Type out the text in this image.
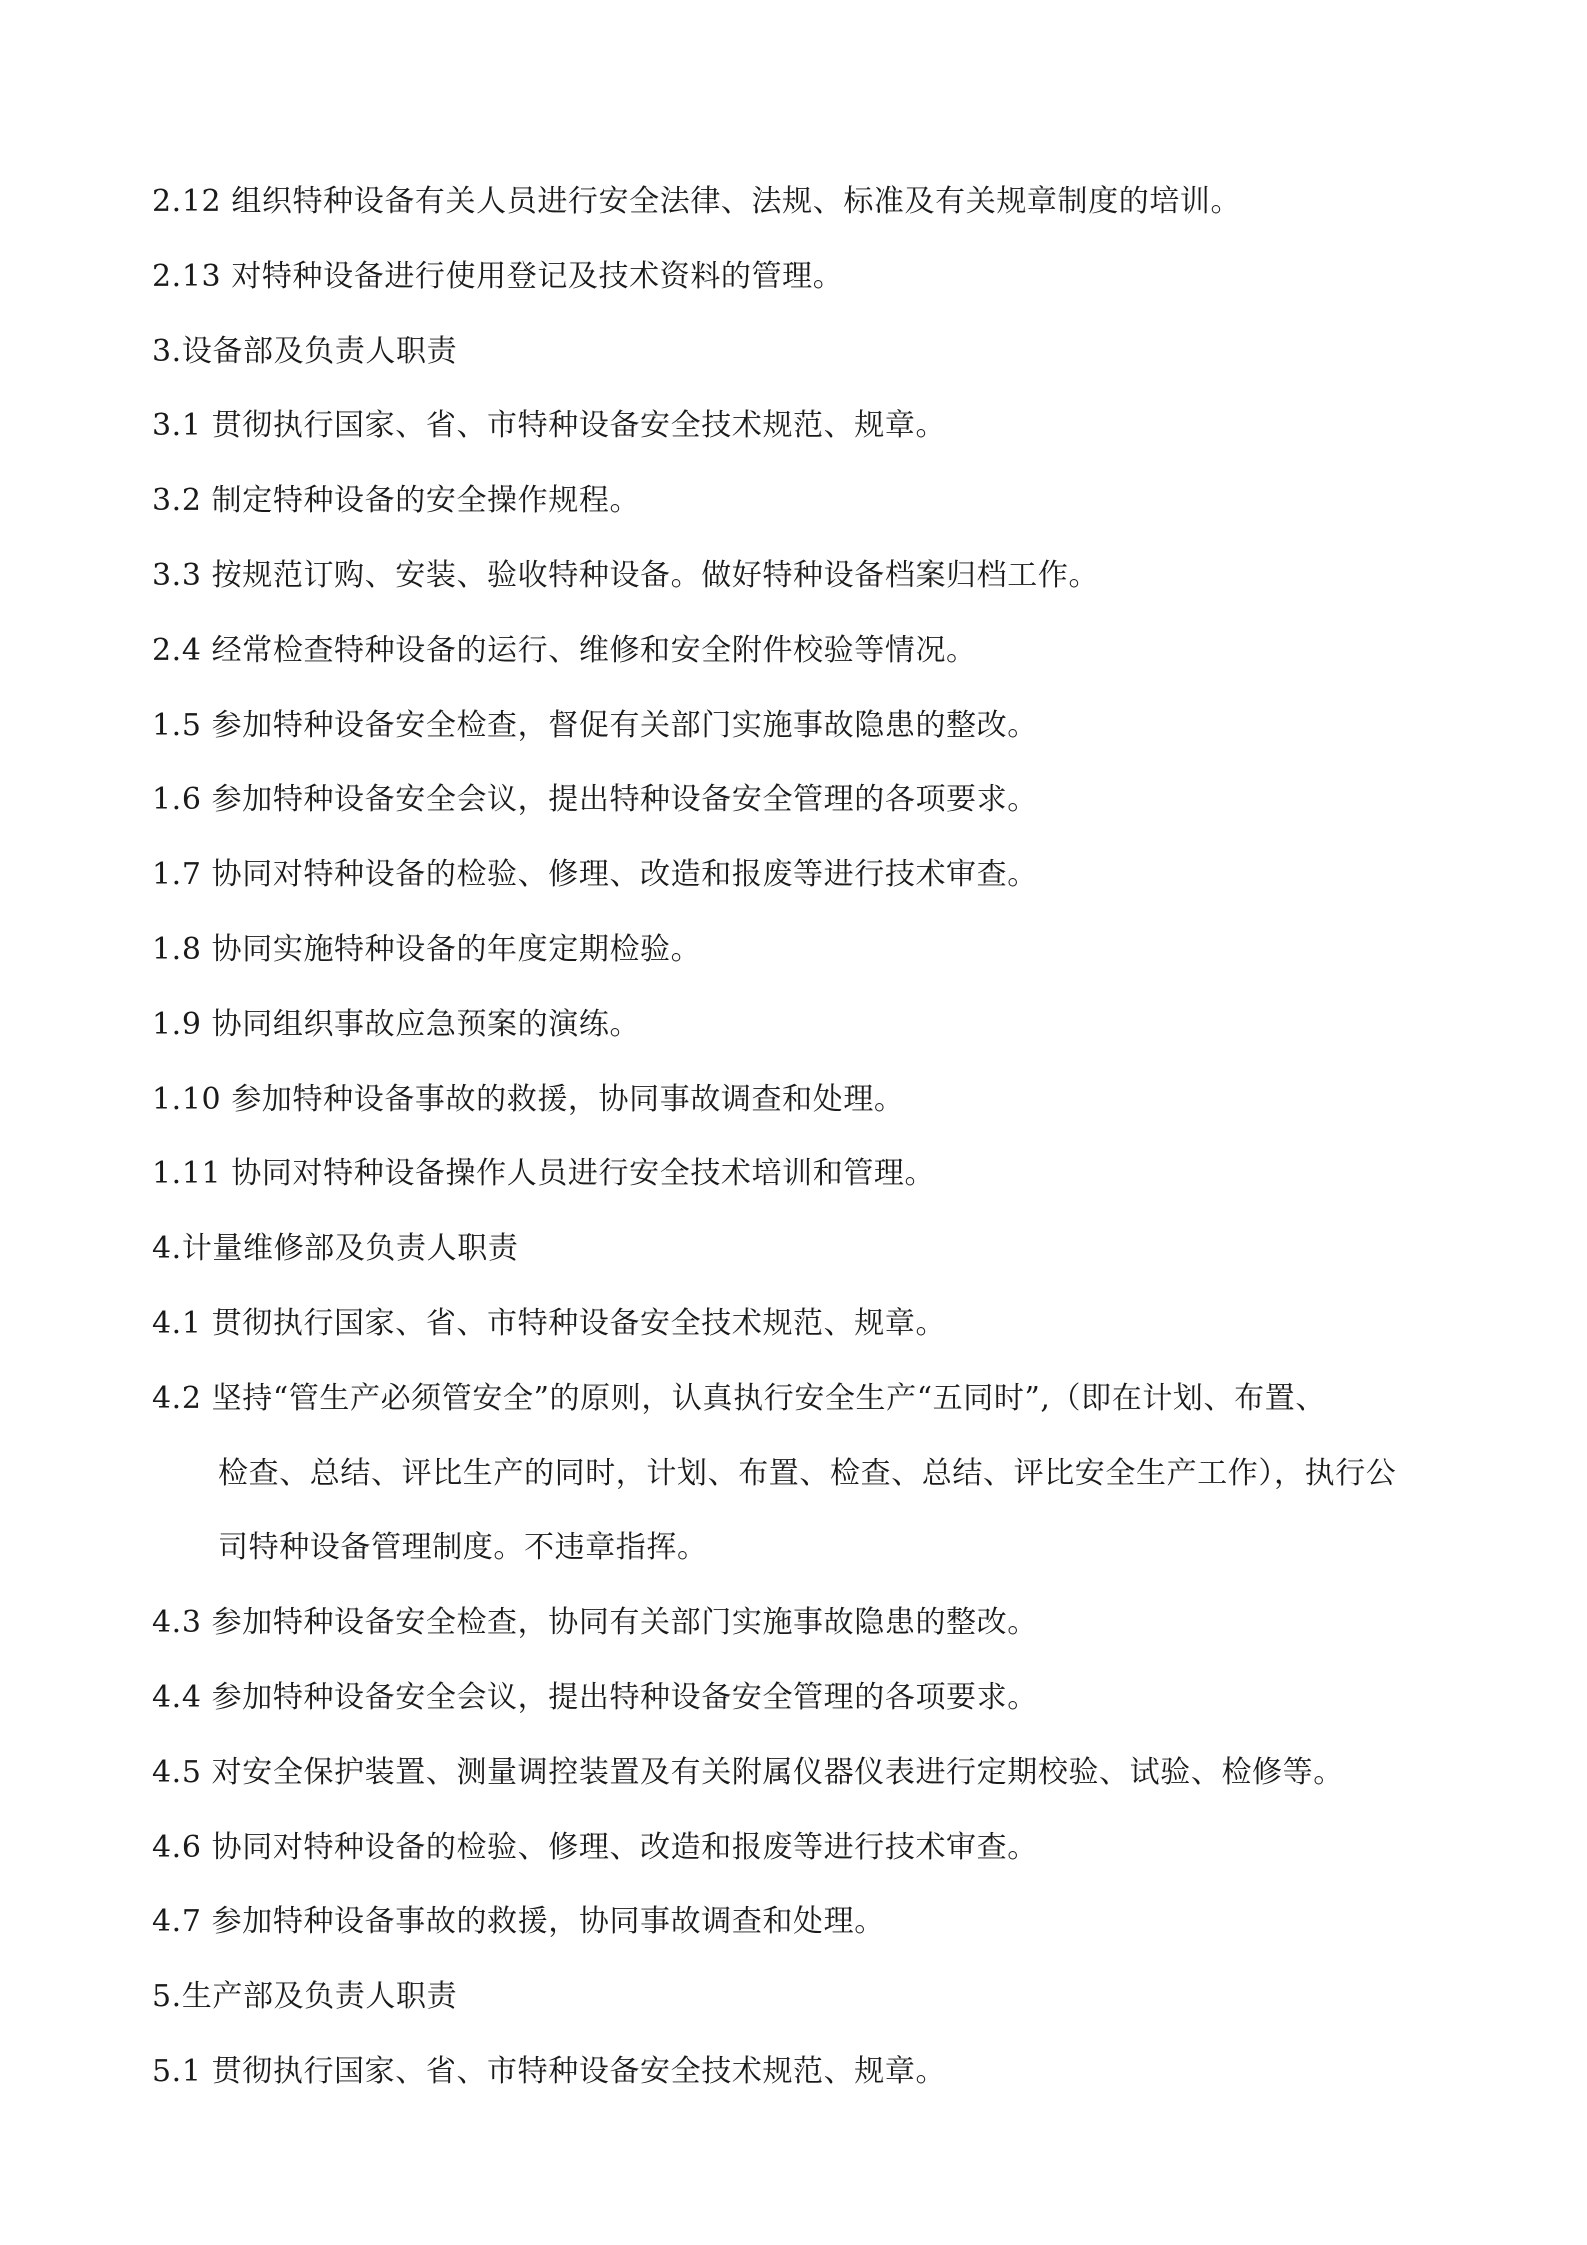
2.12 组织特种设备有关人员进行安全法律、法规、标准及有关规章制度的培训。
2.13 对特种设备进行使用登记及技术资料的管理。
3.设备部及负责人职责
3.1 贯彻执行国家、省、市特种设备安全技术规范、规章。
3.2 制定特种设备的安全操作规程。
3.3 按规范订购、安装、验收特种设备。做好特种设备档案归档工作。
2.4 经常检查特种设备的运行、维修和安全附件校验等情况。
1.5 参加特种设备安全检查，督促有关部门实施事故隐患的整改。
1.6 参加特种设备安全会议，提出特种设备安全管理的各项要求。
1.7 协同对特种设备的检验、修理、改造和报废等进行技术审查。
1.8 协同实施特种设备的年度定期检验。
1.9 协同组织事故应急预案的演练。
1.10 参加特种设备事故的救援，协同事故调查和处理。
1.11 协同对特种设备操作人员进行安全技术培训和管理。
4.计量维修部及负责人职责
4.1 贯彻执行国家、省、市特种设备安全技术规范、规章。
4.2 坚持“管生产必须管安全”的原则，认真执行安全生产“五同时”,（即在计划、布置、
检查、总结、评比生产的同时，计划、布置、检查、总结、评比安全生产工作），执行公
司特种设备管理制度。不违章指挥。
4.3 参加特种设备安全检查，协同有关部门实施事故隐患的整改。
4.4 参加特种设备安全会议，提出特种设备安全管理的各项要求。
4.5 对安全保护装置、测量调控装置及有关附属仪器仪表进行定期校验、试验、检修等。
4.6 协同对特种设备的检验、修理、改造和报废等进行技术审查。
4.7 参加特种设备事故的救援，协同事故调查和处理。
5.生产部及负责人职责
5.1 贯彻执行国家、省、市特种设备安全技术规范、规章。
